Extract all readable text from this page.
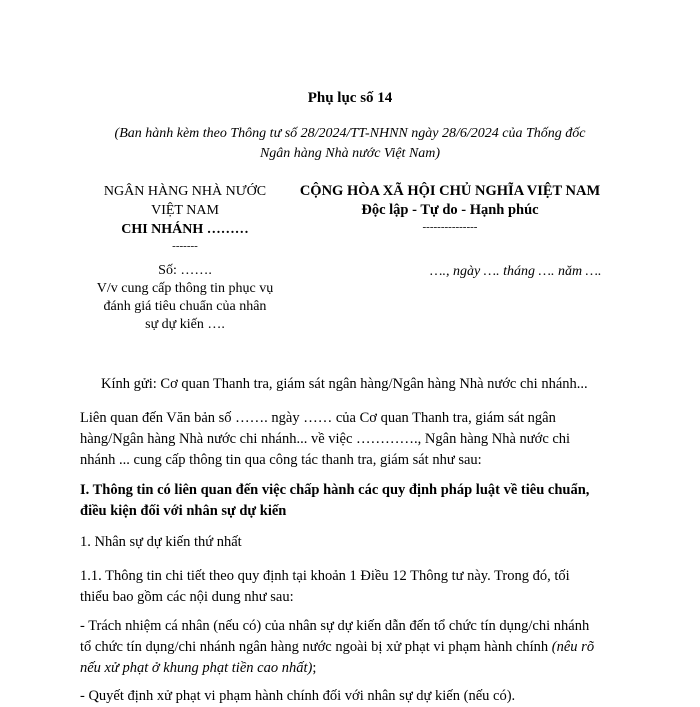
Phụ lục số 14
(Ban hành kèm theo Thông tư số 28/2024/TT-NHNN ngày 28/6/2024 của Thống đốc
Ngân hàng Nhà nước Việt Nam)
NGÂN HÀNG NHÀ NƯỚC
VIỆT NAM
CHI NHÁNH ………
-------
CỘNG HÒA XÃ HỘI CHỦ NGHĨA VIỆT NAM
Độc lập - Tự do - Hạnh phúc
---------------
Số: …….
V/v cung cấp thông tin phục vụ
đánh giá tiêu chuẩn của nhân
sự dự kiến ….
…., ngày …. tháng …. năm ….
Kính gửi: Cơ quan Thanh tra, giám sát ngân hàng/Ngân hàng Nhà nước chi nhánh...
Liên quan đến Văn bản số ……. ngày …… của Cơ quan Thanh tra, giám sát ngân
hàng/Ngân hàng Nhà nước chi nhánh... về việc …………., Ngân hàng Nhà nước chi
nhánh ... cung cấp thông tin qua công tác thanh tra, giám sát như sau:
I. Thông tin có liên quan đến việc chấp hành các quy định pháp luật về tiêu chuẩn,
điều kiện đối với nhân sự dự kiến
1. Nhân sự dự kiến thứ nhất
1.1. Thông tin chi tiết theo quy định tại khoản 1 Điều 12 Thông tư này. Trong đó, tối
thiểu bao gồm các nội dung như sau:
- Trách nhiệm cá nhân (nếu có) của nhân sự dự kiến dẫn đến tổ chức tín dụng/chi nhánh
tổ chức tín dụng/chi nhánh ngân hàng nước ngoài bị xử phạt vi phạm hành chính (nêu rõ
nếu xử phạt ở khung phạt tiền cao nhất);
- Quyết định xử phạt vi phạm hành chính đối với nhân sự dự kiến (nếu có).
